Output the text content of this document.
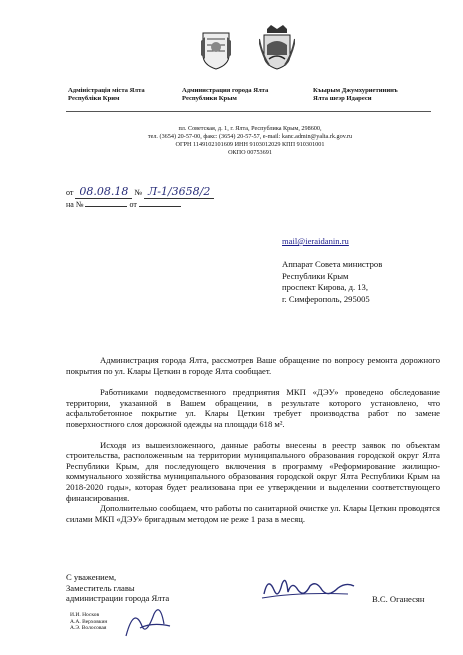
Адміністрація міста Ялта
Республіки Крим
Администрация города Ялта
Республики Крым
Къырым Джумхуриетининъ
Ялта шеэр Идареси
пл. Советская, д. 1, г. Ялта, Республика Крым, 298600,
тел. (3654) 20-57-00, факс: (3654) 20-57-57, e-mail: kanc.admin@yalta.rk.gov.ru
ОГРН 1149102101609 ИНН 9103012029 КПП 910301001
ОКПО 00753691
от 08.08.18 № Л-1/3658/2
на №	от
mail@ieraidanin.ru
Аппарат Совета министров
Республики Крым
проспект Кирова, д. 13,
г. Симферополь, 295005

Администрация города Ялта, рассмотрев Ваше обращение по вопросу ремонта дорожного покрытия по ул. Клары Цеткин в городе Ялта сообщает.

Работниками подведомственного предприятия МКП «ДЭУ» проведено обследование территории, указанной в Вашем обращении, в результате которого установлено, что асфальтобетонное покрытие ул. Клары Цеткин требует производства работ по замене поверхностного слоя дорожной одежды на площади 618 м².

Исходя из вышеизложенного, данные работы внесены в реестр заявок по объектам строительства, расположенным на территории муниципального образования городской округ Ялта Республики Крым, для последующего включения в программу «Реформирование жилищно-коммунального хозяйства муниципального образования городской округ Ялта Республики Крым на 2018-2020 годы», которая будет реализована при ее утверждении и выделении соответствующего финансирования.

Дополнительно сообщаем, что работы по санитарной очистке ул. Клары Цеткин проводятся силами МКП «ДЭУ» бригадным методом не реже 1 раза в месяц.

С уважением,
Заместитель главы
администрации города Ялта	В.С. Оганесян
И.И. Носков
А.А. Верховкин
А.Э. Волосовая
